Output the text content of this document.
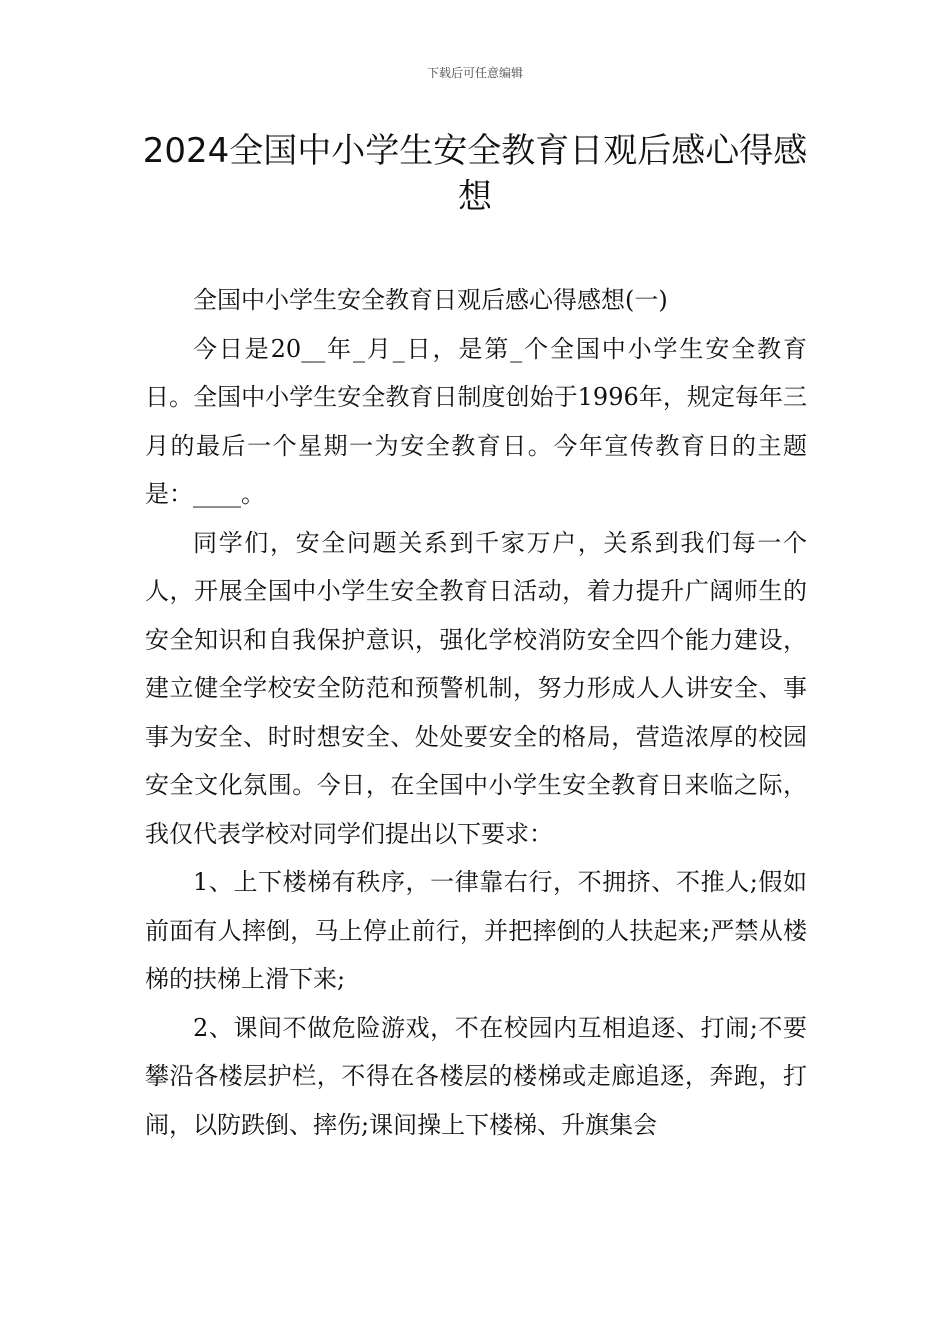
下载后可任意编辑
2024全国中小学生安全教育日观后感心得感想

全国中小学生安全教育日观后感心得感想(一)

今日是20__年_月_日，是第_个全国中小学生安全教育日。全国中小学生安全教育日制度创始于1996年，规定每年三月的最后一个星期一为安全教育日。今年宣传教育日的主题是：____。

同学们，安全问题关系到千家万户，关系到我们每一个人，开展全国中小学生安全教育日活动，着力提升广阔师生的安全知识和自我保护意识，强化学校消防安全四个能力建设，建立健全学校安全防范和预警机制，努力形成人人讲安全、事事为安全、时时想安全、处处要安全的格局，营造浓厚的校园安全文化氛围。今日，在全国中小学生安全教育日来临之际，我仅代表学校对同学们提出以下要求：

1、上下楼梯有秩序，一律靠右行，不拥挤、不推人;假如前面有人摔倒，马上停止前行，并把摔倒的人扶起来;严禁从楼梯的扶梯上滑下来;

2、课间不做危险游戏，不在校园内互相追逐、打闹;不要攀沿各楼层护栏，不得在各楼层的楼梯或走廊追逐，奔跑，打闹，以防跌倒、摔伤;课间操上下楼梯、升旗集会
